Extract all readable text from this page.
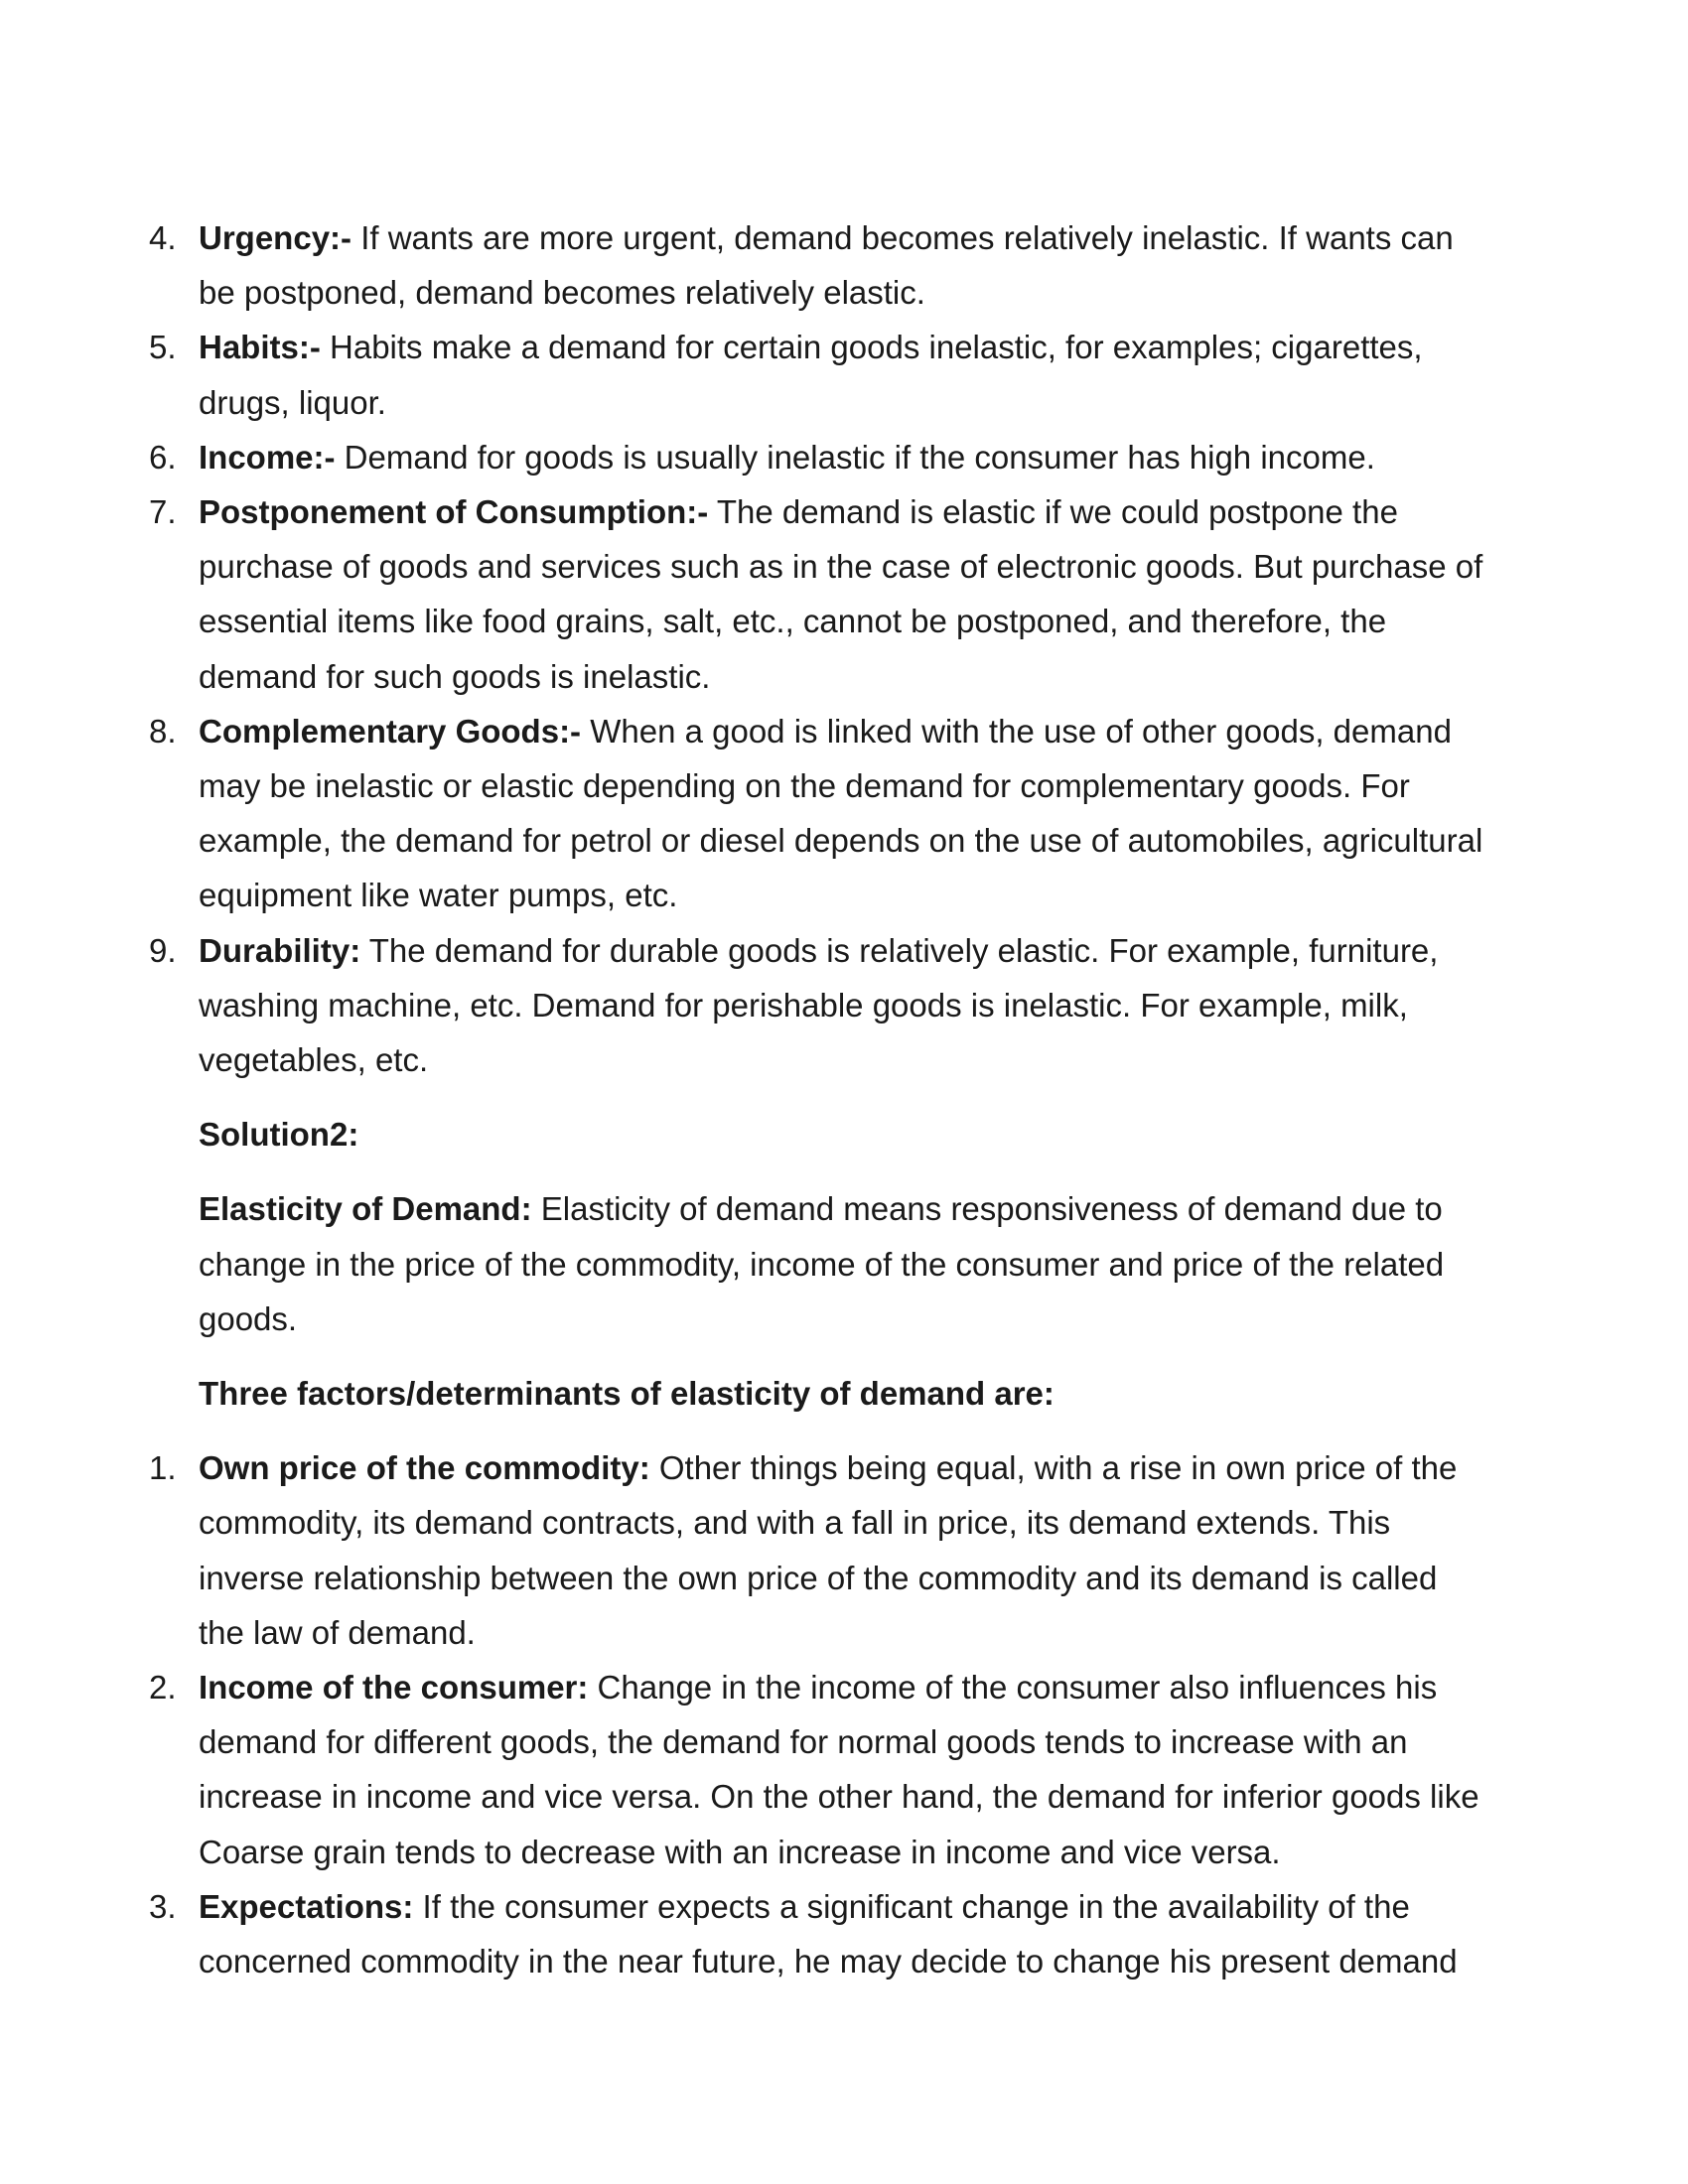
4. Urgency:- If wants are more urgent, demand becomes relatively inelastic. If wants can be postponed, demand becomes relatively elastic.
5. Habits:- Habits make a demand for certain goods inelastic, for examples; cigarettes, drugs, liquor.
6. Income:- Demand for goods is usually inelastic if the consumer has high income.
7. Postponement of Consumption:- The demand is elastic if we could postpone the purchase of goods and services such as in the case of electronic goods. But purchase of essential items like food grains, salt, etc., cannot be postponed, and therefore, the demand for such goods is inelastic.
8. Complementary Goods:- When a good is linked with the use of other goods, demand may be inelastic or elastic depending on the demand for complementary goods. For example, the demand for petrol or diesel depends on the use of automobiles, agricultural equipment like water pumps, etc.
9. Durability: The demand for durable goods is relatively elastic. For example, furniture, washing machine, etc. Demand for perishable goods is inelastic. For example, milk, vegetables, etc.
Solution2:
Elasticity of Demand: Elasticity of demand means responsiveness of demand due to change in the price of the commodity, income of the consumer and price of the related goods.
Three factors/determinants of elasticity of demand are:
1. Own price of the commodity: Other things being equal, with a rise in own price of the commodity, its demand contracts, and with a fall in price, its demand extends. This inverse relationship between the own price of the commodity and its demand is called the law of demand.
2. Income of the consumer: Change in the income of the consumer also influences his demand for different goods, the demand for normal goods tends to increase with an increase in income and vice versa. On the other hand, the demand for inferior goods like Coarse grain tends to decrease with an increase in income and vice versa.
3. Expectations: If the consumer expects a significant change in the availability of the concerned commodity in the near future, he may decide to change his present demand
